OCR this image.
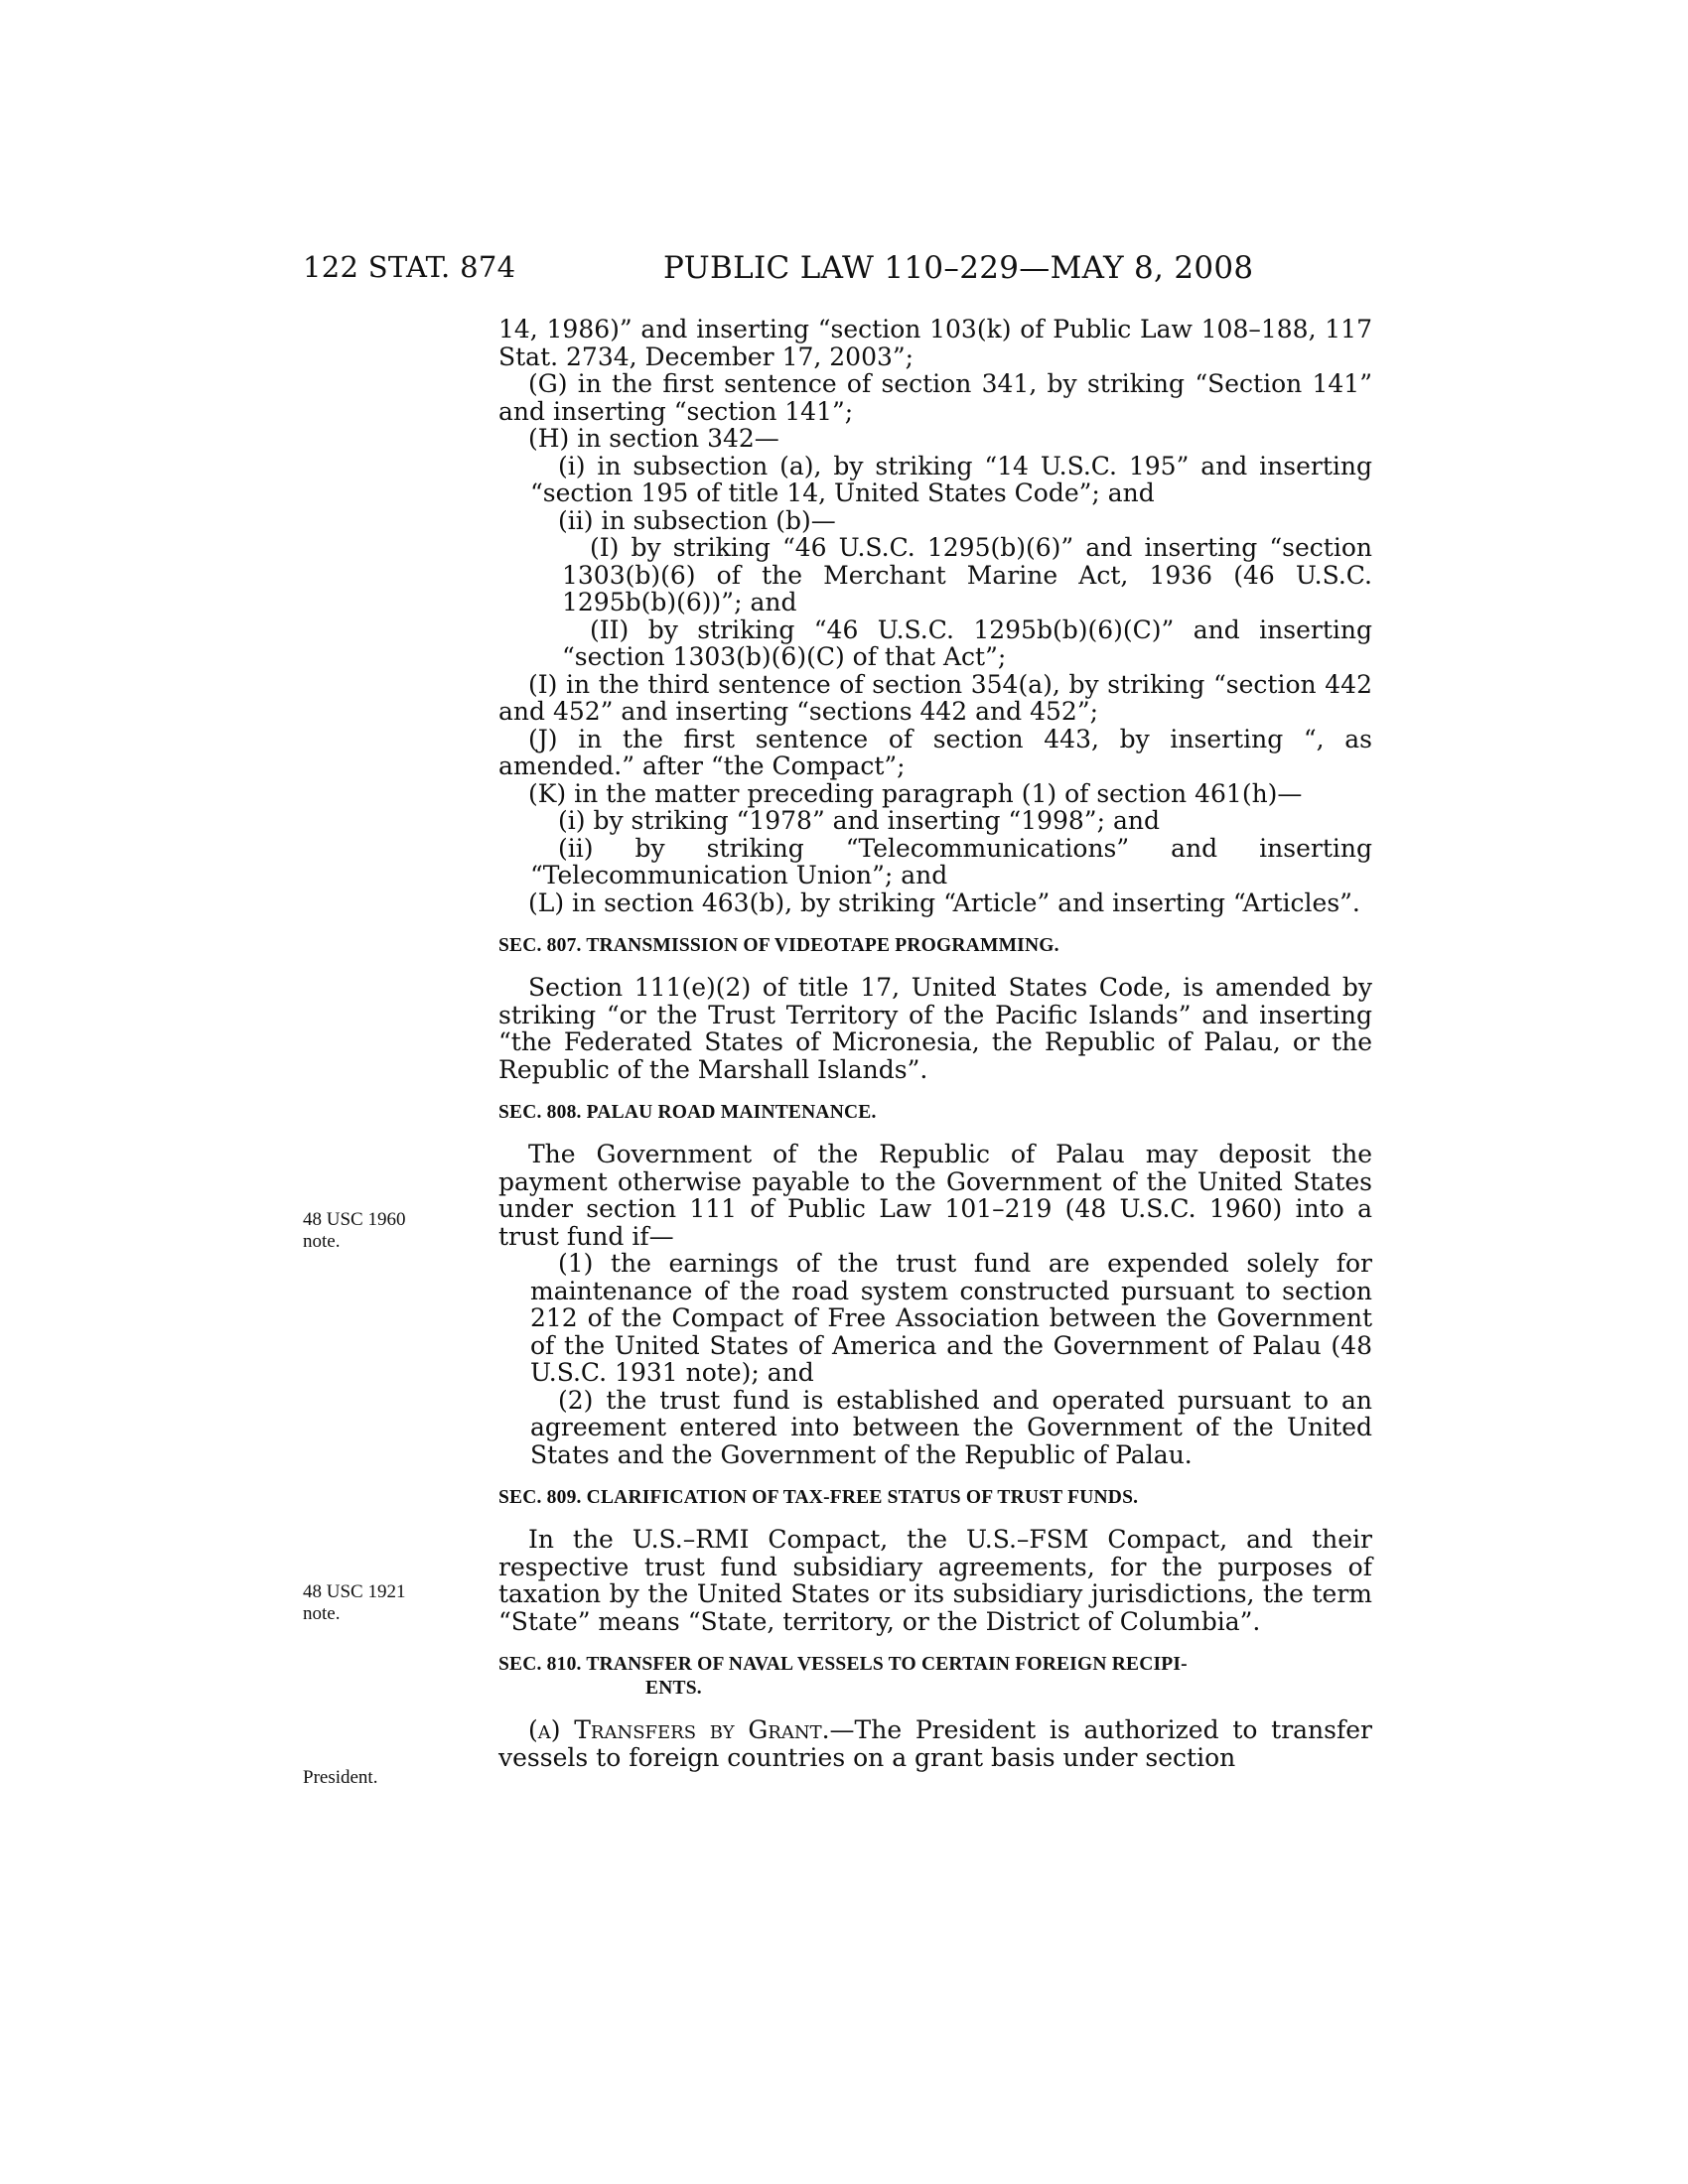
122 STAT. 874	PUBLIC LAW 110–229—MAY 8, 2008
48 USC 1960
note.
48 USC 1921
note.
President.

14, 1986)” and inserting “section 103(k) of Public Law 108–188, 117 Stat. 2734, December 17, 2003”;

(G) in the first sentence of section 341, by striking “Section 141” and inserting “section 141”;

(H) in section 342—

(i) in subsection (a), by striking “14 U.S.C. 195” and inserting “section 195 of title 14, United States Code”; and

(ii) in subsection (b)—

(I) by striking “46 U.S.C. 1295(b)(6)” and inserting “section 1303(b)(6) of the Merchant Marine Act, 1936 (46 U.S.C. 1295b(b)(6))”; and

(II) by striking “46 U.S.C. 1295b(b)(6)(C)” and inserting “section 1303(b)(6)(C) of that Act”;

(I) in the third sentence of section 354(a), by striking “section 442 and 452” and inserting “sections 442 and 452”;

(J) in the first sentence of section 443, by inserting “, as amended.” after “the Compact”;

(K) in the matter preceding paragraph (1) of section 461(h)—

(i) by striking “1978” and inserting “1998”; and

(ii) by striking “Telecommunications” and inserting “Telecommunication Union”; and

(L) in section 463(b), by striking “Article” and inserting “Articles”.

SEC. 807. TRANSMISSION OF VIDEOTAPE PROGRAMMING.

Section 111(e)(2) of title 17, United States Code, is amended by striking “or the Trust Territory of the Pacific Islands” and inserting “the Federated States of Micronesia, the Republic of Palau, or the Republic of the Marshall Islands”.

SEC. 808. PALAU ROAD MAINTENANCE.

The Government of the Republic of Palau may deposit the payment otherwise payable to the Government of the United States under section 111 of Public Law 101–219 (48 U.S.C. 1960) into a trust fund if—

(1) the earnings of the trust fund are expended solely for maintenance of the road system constructed pursuant to section 212 of the Compact of Free Association between the Government of the United States of America and the Government of Palau (48 U.S.C. 1931 note); and

(2) the trust fund is established and operated pursuant to an agreement entered into between the Government of the United States and the Government of the Republic of Palau.

SEC. 809. CLARIFICATION OF TAX-FREE STATUS OF TRUST FUNDS.

In the U.S.–RMI Compact, the U.S.–FSM Compact, and their respective trust fund subsidiary agreements, for the purposes of taxation by the United States or its subsidiary jurisdictions, the term “State” means “State, territory, or the District of Columbia”.

SEC. 810. TRANSFER OF NAVAL VESSELS TO CERTAIN FOREIGN RECIPI-
ENTS.

(a) Transfers by Grant.—The President is authorized to transfer vessels to foreign countries on a grant basis under section
